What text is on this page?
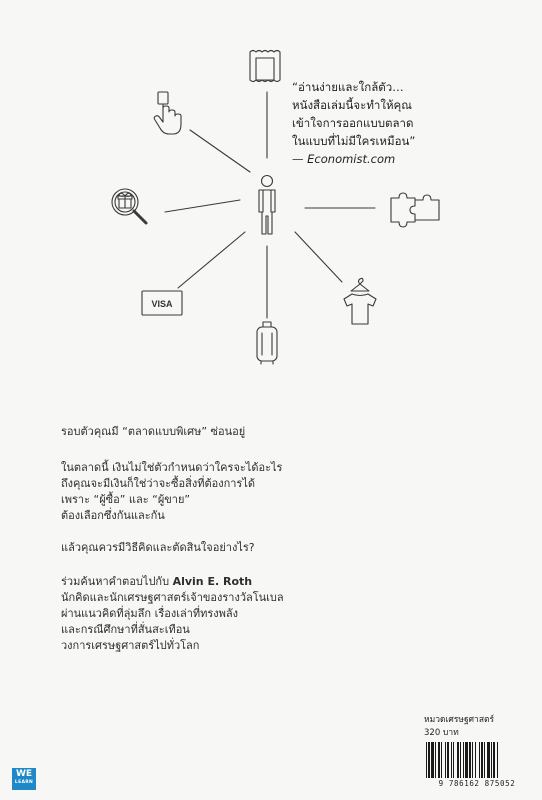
VISA
“อ่านง่ายและใกล้ตัว…
หนังสือเล่มนี้จะทำให้คุณ
เข้าใจการออกแบบตลาด
ในแบบที่ไม่มีใครเหมือน”
— Economist.com
รอบตัวคุณมี “ตลาดแบบพิเศษ” ซ่อนอยู่
ในตลาดนี้ เงินไม่ใช่ตัวกำหนดว่าใครจะได้อะไร
ถึงคุณจะมีเงินก็ใช่ว่าจะซื้อสิ่งที่ต้องการได้
เพราะ “ผู้ซื้อ” และ “ผู้ขาย”
ต้องเลือกซึ่งกันและกัน
แล้วคุณควรมีวิธีคิดและตัดสินใจอย่างไร?
ร่วมค้นหาคำตอบไปกับ Alvin E. Roth
นักคิดและนักเศรษฐศาสตร์เจ้าของรางวัลโนเบล
ผ่านแนวคิดที่ลุ่มลึก เรื่องเล่าที่ทรงพลัง
และกรณีศึกษาที่สั่นสะเทือน
วงการเศรษฐศาสตร์ไปทั่วโลก
WE
LEARN
หมวดเศรษฐศาสตร์
320 บาท
9 786162 875052
